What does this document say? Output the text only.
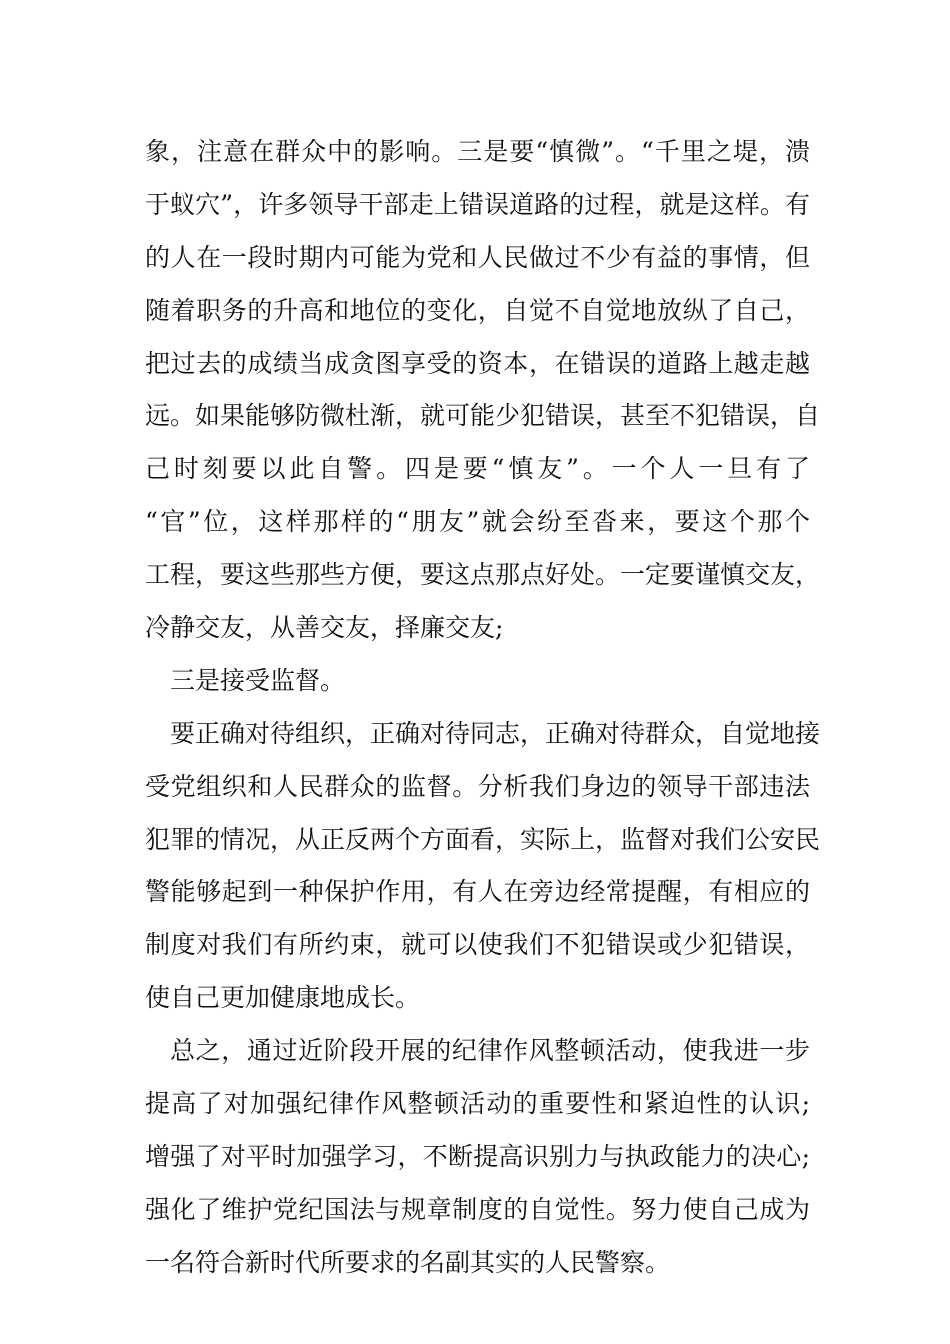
象，注意在群众中的影响。三是要“慎微”。“千里之堤，溃
于蚁穴”，许多领导干部走上错误道路的过程，就是这样。有
的人在一段时期内可能为党和人民做过不少有益的事情，但
随着职务的升高和地位的变化，自觉不自觉地放纵了自己，
把过去的成绩当成贪图享受的资本，在错误的道路上越走越
远。如果能够防微杜渐，就可能少犯错误，甚至不犯错误，自
己时刻要以此自警。四是要“慎友”。一个人一旦有了
“官”位，这样那样的“朋友”就会纷至沓来，要这个那个
工程，要这些那些方便，要这点那点好处。一定要谨慎交友，
冷静交友，从善交友，择廉交友;
三是接受监督。
要正确对待组织，正确对待同志，正确对待群众，自觉地接
受党组织和人民群众的监督。分析我们身边的领导干部违法
犯罪的情况，从正反两个方面看，实际上，监督对我们公安民
警能够起到一种保护作用，有人在旁边经常提醒，有相应的
制度对我们有所约束，就可以使我们不犯错误或少犯错误，
使自己更加健康地成长。
总之，通过近阶段开展的纪律作风整顿活动，使我进一步
提高了对加强纪律作风整顿活动的重要性和紧迫性的认识;
增强了对平时加强学习，不断提高识别力与执政能力的决心;
强化了维护党纪国法与规章制度的自觉性。努力使自己成为
一名符合新时代所要求的名副其实的人民警察。
